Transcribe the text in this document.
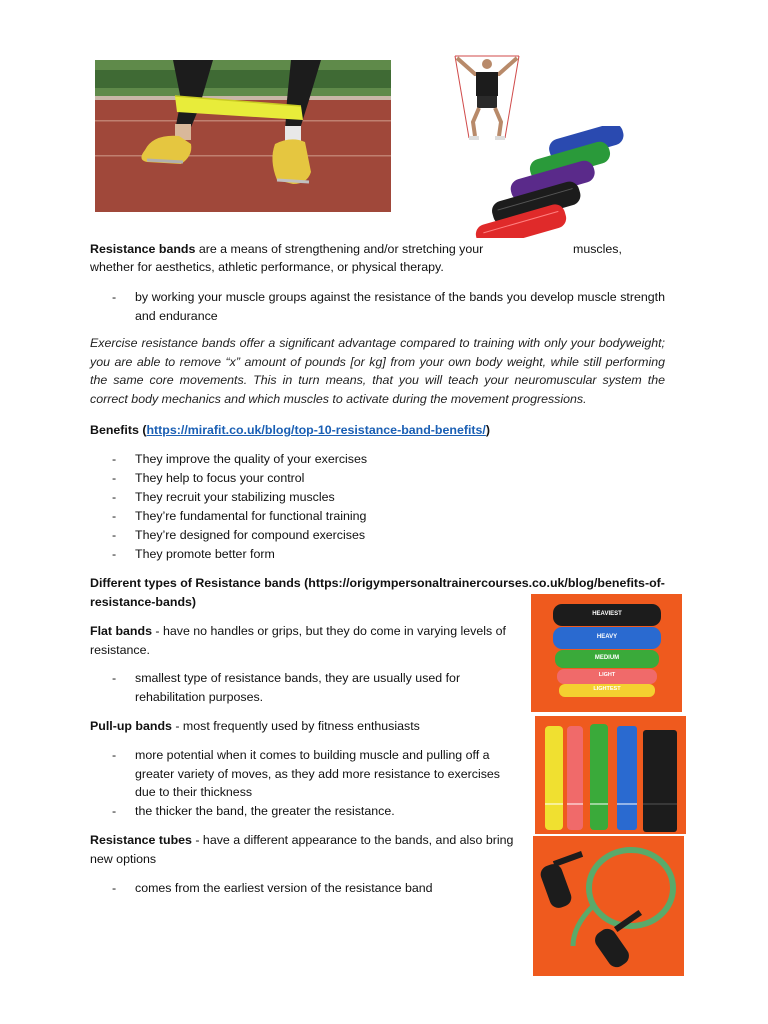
Resistance bands are a means of strengthening and/or stretching your	muscles,
whether for aesthetics, athletic performance, or physical therapy.
- by working your muscle groups against the resistance of the bands you develop muscle strength and endurance
Exercise resistance bands offer a significant advantage compared to training with only your bodyweight; you are able to remove “x” amount of pounds [or kg] from your own body weight, while still performing the same core movements. This in turn means, that you will teach your neuromuscular system the correct body mechanics and which muscles to activate during the movement progressions.
Benefits (https://mirafit.co.uk/blog/top-10-resistance-band-benefits/)
- They improve the quality of your exercises
- They help to focus your control
- They recruit your stabilizing muscles
- They’re fundamental for functional training
- They’re designed for compound exercises
- They promote better form
Different types of Resistance bands (https://origympersonaltrainercourses.co.uk/blog/benefits-of-resistance-bands)
Flat bands - have no handles or grips, but they do come in varying levels of resistance.
- smallest type of resistance bands, they are usually used for rehabilitation purposes.
Pull-up bands - most frequently used by fitness enthusiasts
- more potential when it comes to building muscle and pulling off a greater variety of moves, as they add more resistance to exercises due to their thickness
- the thicker the band, the greater the resistance.
Resistance tubes - have a different appearance to the bands, and also bring new options
- comes from the earliest version of the resistance band
HEAVIEST
HEAVY
MEDIUM
LIGHT
LIGHTEST
